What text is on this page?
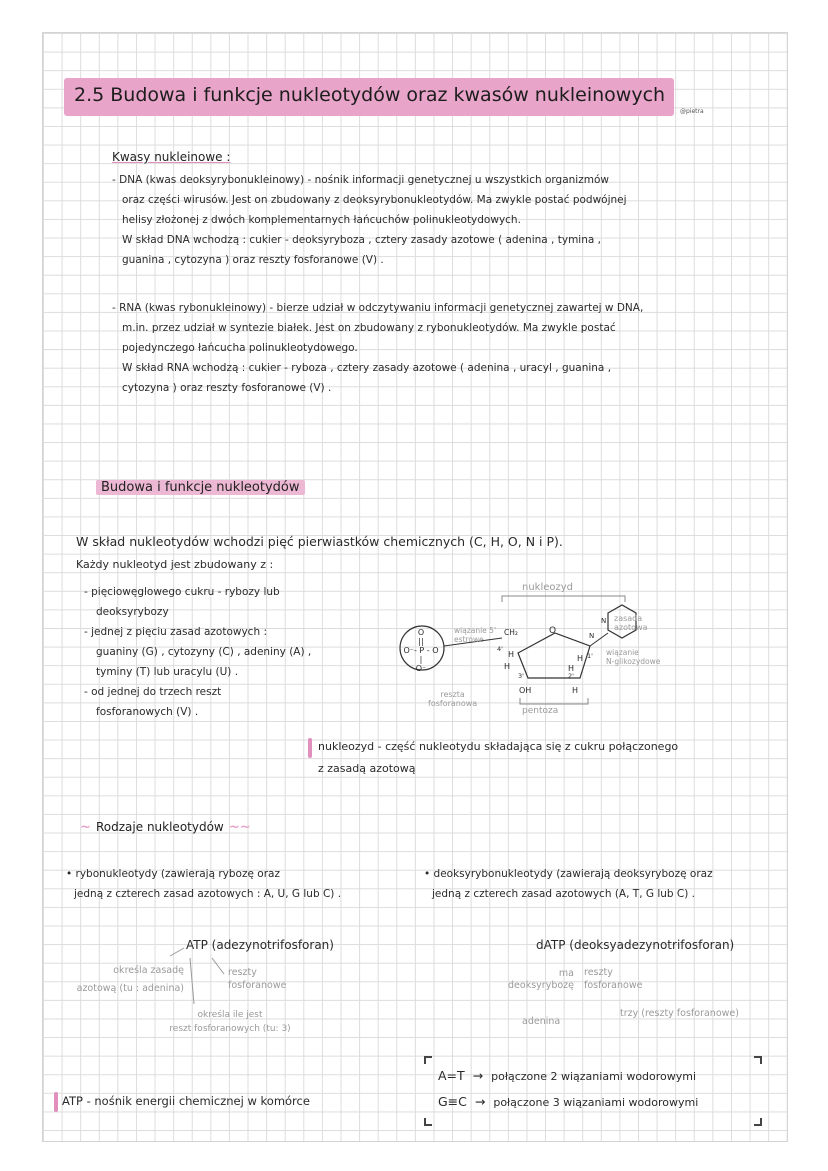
2.5 Budowa i funkcje nukleotydów oraz kwasów nukleinowych
@pietra
Kwasy nukleinowe :
- DNA (kwas deoksyrybonukleinowy) - nośnik informacji genetycznej u wszystkich organizmów
oraz części wirusów. Jest on zbudowany z deoksyrybonukleotydów. Ma zwykle postać podwójnej
helisy złożonej z dwóch komplementarnych łańcuchów polinukleotydowych.
W skład DNA wchodzą : cukier - deoksyryboza , cztery zasady azotowe ( adenina , tymina ,
guanina , cytozyna ) oraz reszty fosforanowe (V) .
- RNA (kwas rybonukleinowy) - bierze udział w odczytywaniu informacji genetycznej zawartej w DNA,
m.in. przez udział w syntezie białek. Jest on zbudowany z rybonukleotydów. Ma zwykle postać
pojedynczego łańcucha polinukleotydowego.
W skład RNA wchodzą : cukier - ryboza , cztery zasady azotowe ( adenina , uracyl , guanina ,
cytozyna ) oraz reszty fosforanowe (V) .
Budowa i funkcje nukleotydów
W skład nukleotydów wchodzi pięć pierwiastków chemicznych (C, H, O, N i P).
Każdy nukleotyd jest zbudowany z :
- pięciowęglowego cukru - rybozy lub
deoksyrybozy
- jednej z pięciu zasad azotowych :
guaniny (G) , cytozyny (C) , adeniny (A) ,
tyminy (T) lub uracylu (U) .
- od jednej do trzech reszt
fosforanowych (V) .
nukleozyd
O
||
O⁻- P - O
|
O⁻
wiązanie 5'
estrowe
reszta
fosforanowa
CH₂	O
4'
1'
H
H
H
H
3'	2'
OH	H
N
N
zasada
azotowa
wiązanie
N-glikozydowe
pentoza
nukleozyd - część nukleotydu składająca się z cukru połączonego
z zasadą azotową
~ Rodzaje nukleotydów ~~
• rybonukleotydy (zawierają rybozę oraz
jedną z czterech zasad azotowych : A, U, G lub C) .
• deoksyrybonukleotydy (zawierają deoksyrybozę oraz
jedną z czterech zasad azotowych (A, T, G lub C) .
ATP (adezynotrifosforan)
określa zasadę
azotową (tu : adenina)
reszty
fosforanowe
określa ile jest
reszt fosforanowych (tu: 3)
dATP (deoksyadezynotrifosforan)
ma
deoksyrybozę
reszty
fosforanowe
adenina
trzy (reszty fosforanowe)
ATP - nośnik energii chemicznej w komórce
A=T → połączone 2 wiązaniami wodorowymi
G≡C → połączone 3 wiązaniami wodorowymi
